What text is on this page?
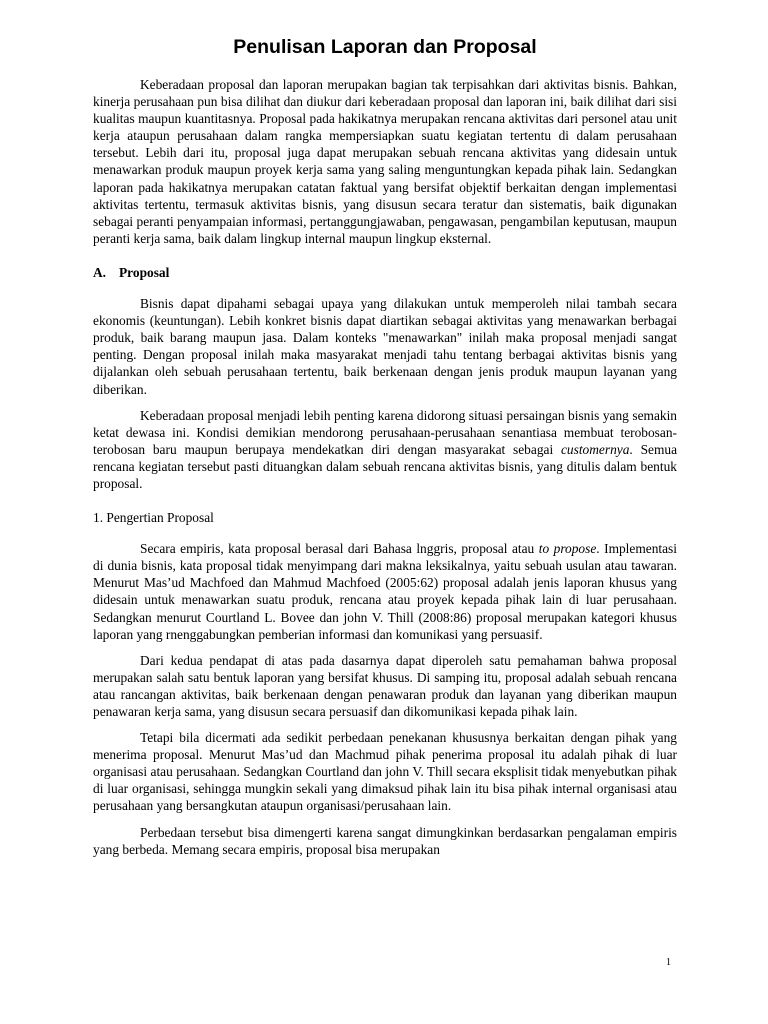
Penulisan Laporan dan Proposal

Keberadaan proposal dan laporan merupakan bagian tak terpisahkan dari aktivitas bisnis. Bahkan, kinerja perusahaan pun bisa dilihat dan diukur dari keberadaan proposal dan laporan ini, baik dilihat dari sisi kualitas maupun kuantitasnya. Proposal pada hakikatnya merupakan rencana aktivitas dari personel atau unit kerja ataupun perusahaan dalam rangka mempersiapkan suatu kegiatan tertentu di dalam perusahaan tersebut. Lebih dari itu, proposal juga dapat merupakan sebuah rencana aktivitas yang didesain untuk menawarkan produk maupun proyek kerja sama yang saling menguntungkan kepada pihak lain. Sedangkan laporan pada hakikatnya merupakan catatan faktual yang bersifat objektif berkaitan dengan implementasi aktivitas tertentu, termasuk aktivitas bisnis, yang disusun secara teratur dan sistematis, baik digunakan sebagai peranti penyampaian informasi, pertanggungjawaban, pengawasan, pengambilan keputusan, maupun peranti kerja sama, baik dalam lingkup internal maupun lingkup eksternal.

A. Proposal

Bisnis dapat dipahami sebagai upaya yang dilakukan untuk memperoleh nilai tambah secara ekonomis (keuntungan). Lebih konkret bisnis dapat diartikan sebagai aktivitas yang menawarkan berbagai produk, baik barang maupun jasa. Dalam konteks "menawarkan" inilah maka proposal menjadi sangat penting. Dengan proposal inilah maka masyarakat menjadi tahu tentang berbagai aktivitas bisnis yang dijalankan oleh sebuah perusahaan tertentu, baik berkenaan dengan jenis produk maupun layanan yang diberikan.

Keberadaan proposal menjadi lebih penting karena didorong situasi persaingan bisnis yang semakin ketat dewasa ini. Kondisi demikian mendorong perusahaan-perusahaan senantiasa membuat terobosan-terobosan baru maupun berupaya mendekatkan diri dengan masyarakat sebagai customernya. Semua rencana kegiatan tersebut pasti dituangkan dalam sebuah rencana aktivitas bisnis, yang ditulis dalam bentuk proposal.

1. Pengertian Proposal

Secara empiris, kata proposal berasal dari Bahasa lnggris, proposal atau to propose. Implementasi di dunia bisnis, kata proposal tidak menyimpang dari makna leksikalnya, yaitu sebuah usulan atau tawaran. Menurut Mas’ud Machfoed dan Mahmud Machfoed (2005:62) proposal adalah jenis laporan khusus yang didesain untuk menawarkan suatu produk, rencana atau proyek kepada pihak lain di luar perusahaan. Sedangkan menurut Courtland L. Bovee dan john V. Thill (2008:86) proposal merupakan kategori khusus laporan yang rnenggabungkan pemberian informasi dan komunikasi yang persuasif.

Dari kedua pendapat di atas pada dasarnya dapat diperoleh satu pemahaman bahwa proposal merupakan salah satu bentuk laporan yang bersifat khusus. Di samping itu, proposal adalah sebuah rencana atau rancangan aktivitas, baik berkenaan dengan penawaran produk dan layanan yang diberikan maupun penawaran kerja sama, yang disusun secara persuasif dan dikomunikasi kepada pihak lain.

Tetapi bila dicermati ada sedikit perbedaan penekanan khususnya berkaitan dengan pihak yang menerima proposal. Menurut Mas’ud dan Machmud pihak penerima proposal itu adalah pihak di luar organisasi atau perusahaan. Sedangkan Courtland dan john V. Thill secara eksplisit tidak menyebutkan pihak di luar organisasi, sehingga mungkin sekali yang dimaksud pihak lain itu bisa pihak internal organisasi atau perusahaan yang bersangkutan ataupun organisasi/perusahaan lain.

Perbedaan tersebut bisa dimengerti karena sangat dimungkinkan berdasarkan pengalaman empiris yang berbeda. Memang secara empiris, proposal bisa merupakan

1
